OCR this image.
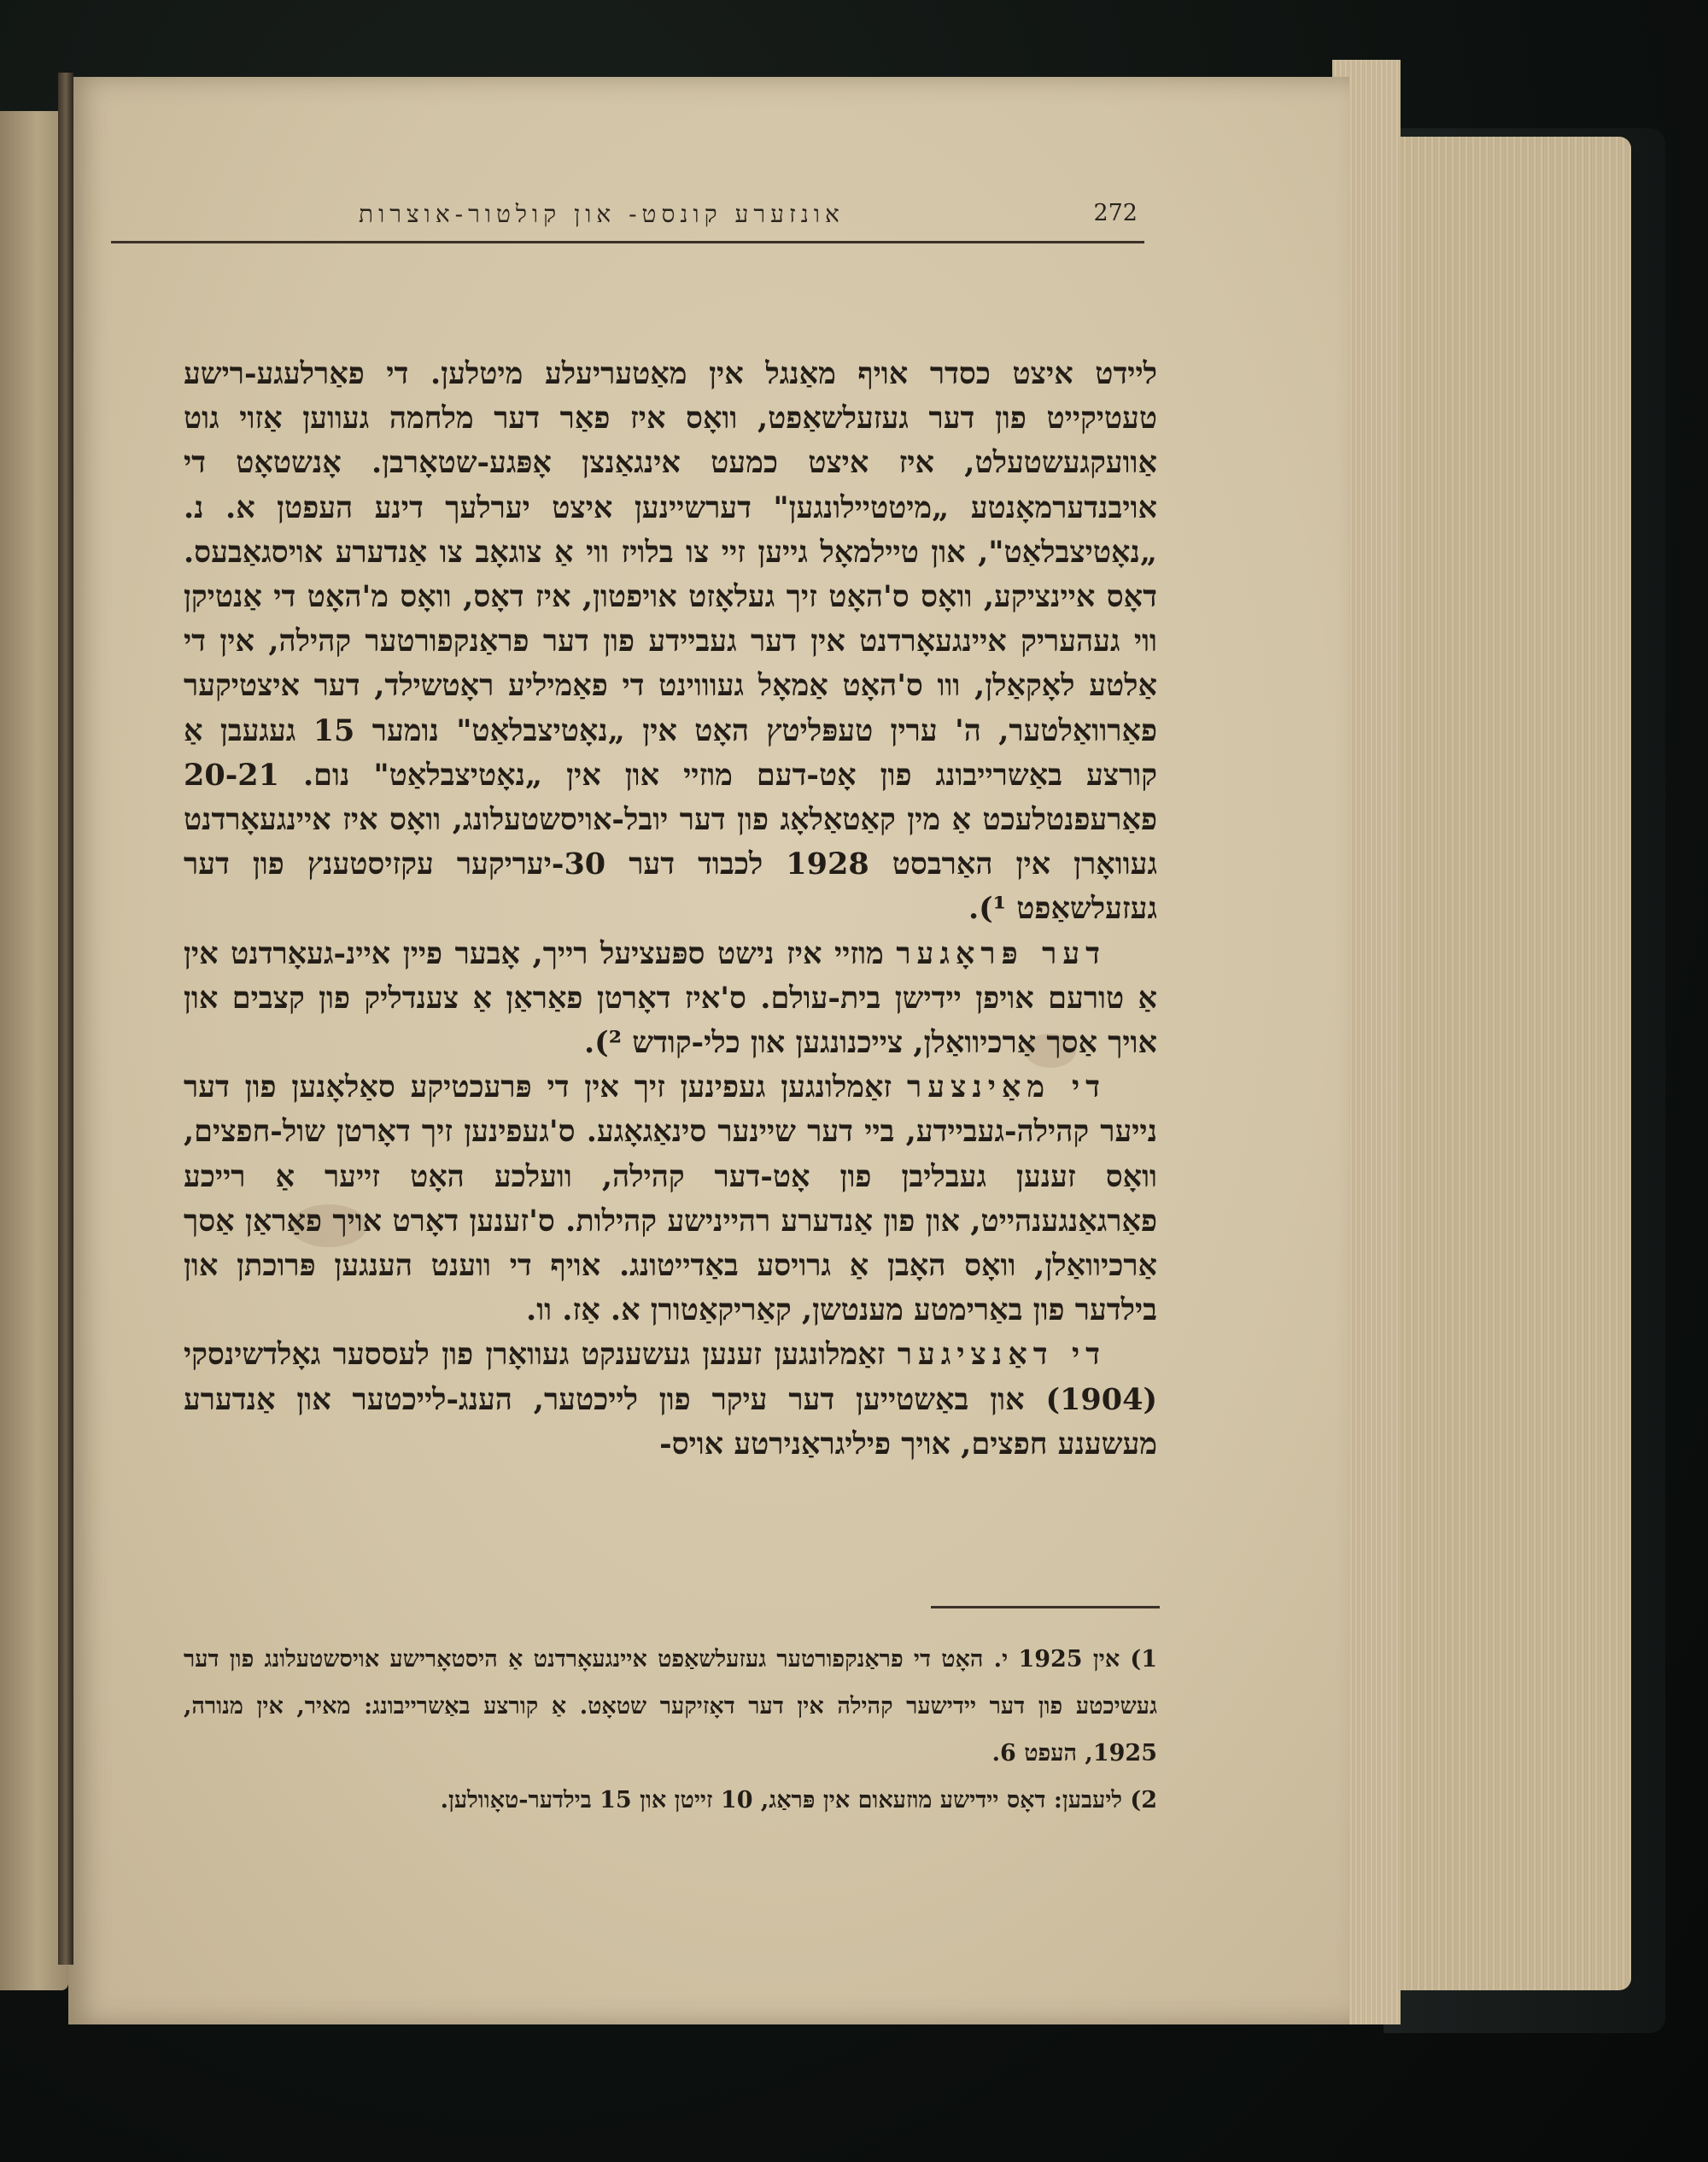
אונזערע קונסט- און קולטור-אוצרות	272

ליידט איצט כסדר אויף מאַנגל אין מאַטעריעלע מיטלען. די פאַרלעגע-רישע טעטיקייט פון דער געזעלשאַפט, וואָס איז פאַר דער מלחמה געווען אַזוי גוט אַוועקגעשטעלט, איז איצט כמעט אינגאַנצן אָפּגע-שטאָרבן. אָנשטאָט די אויבנדערמאָנטע „מיטטיילונגען" דערשיינען איצט יערלעך דינע העפטן א. נ. „נאָטיצבלאַט", און טיילמאָל גייען זיי צו בלויז ווי אַ צוגאָב צו אַנדערע אויסגאַבעס. דאָס איינציקע, וואָס ס'האָט זיך געלאָזט אויפטון, איז דאָס, וואָס מ'האָט די אַנטיקן ווי געהעריק איינגעאָרדנט אין דער געביידע פון דער פראַנקפורטער קהילה, אין די אַלטע לאָקאַלן, ווו ס'האָט אַמאָל געוווינט די פאַמיליע ראָטשילד, דער איצטיקער פאַרוואַלטער, ה' ערין טעפּליטץ האָט אין „נאָטיצבלאַט" נומער 15 געגעבן אַ קורצע באַשרייבונג פון אָט-דעם מוזיי און אין „נאָטיצבלאַט" נום. 20-21 פאַרעפנטלעכט אַ מין קאַטאַלאָג פון דער יובל-אויסשטעלונג, וואָס איז איינגעאָרדנט געוואָרן אין האַרבסט 1928 לכבוד דער 30-יעריקער עקזיסטענץ פון דער געזעלשאַפט ¹).

דער פּראָגער מוזיי איז נישט ספּעציעל רייך, אָבער פיין איינ-געאָרדנט אין אַ טורעם אויפן יידישן בית-עולם. ס'איז דאָרטן פאַראַן אַ צענדליק פון קצבים און אויך אַסך אַרכיוואַלן, צייכנונגען און כלי-קודש ²).

די מאַינצער זאַמלונגען געפינען זיך אין די פּרעכטיקע סאַלאָנען פון דער נייער קהילה-געביידע, ביי דער שיינער סינאַגאָגע. ס'געפינען זיך דאָרטן שול-חפצים, וואָס זענען געבליבן פון אָט-דער קהילה, וועלכע האָט זייער אַ רייכע פאַרגאַנגענהייט, און פון אַנדערע רהיינישע קהילות. ס'זענען דאָרט אויך פאַראַן אַסך אַרכיוואַלן, וואָס האָבן אַ גרויסע באַדייטונג. אויף די ווענט הענגען פּרוכתן און בילדער פון באַרימטע מענטשן, קאַריקאַטורן א. אַז. וו.

די דאַנציגער זאַמלונגען זענען געשענקט געוואָרן פון לעססער גאָלדשינסקי (1904) און באַשטייען דער עיקר פון לייכטער, הענג-לייכטער און אַנדערע מעשענע חפצים, אויך פיליגראַנירטע אויס-

1) אין 1925 י. האָט די פראַנקפורטער געזעלשאַפט איינגעאָרדנט אַ היסטאָרישע אויסשטעלונג פון דער געשיכטע פון דער יידישער קהילה אין דער דאָזיקער שטאָט. אַ קורצע באַשרייבונג: מאיר, אין מנורה, 1925, העפט 6.

2) ליעבען: דאָס יידישע מוזעאום אין פּראַג, 10 זייטן און 15 בילדער-טאָוולען.
